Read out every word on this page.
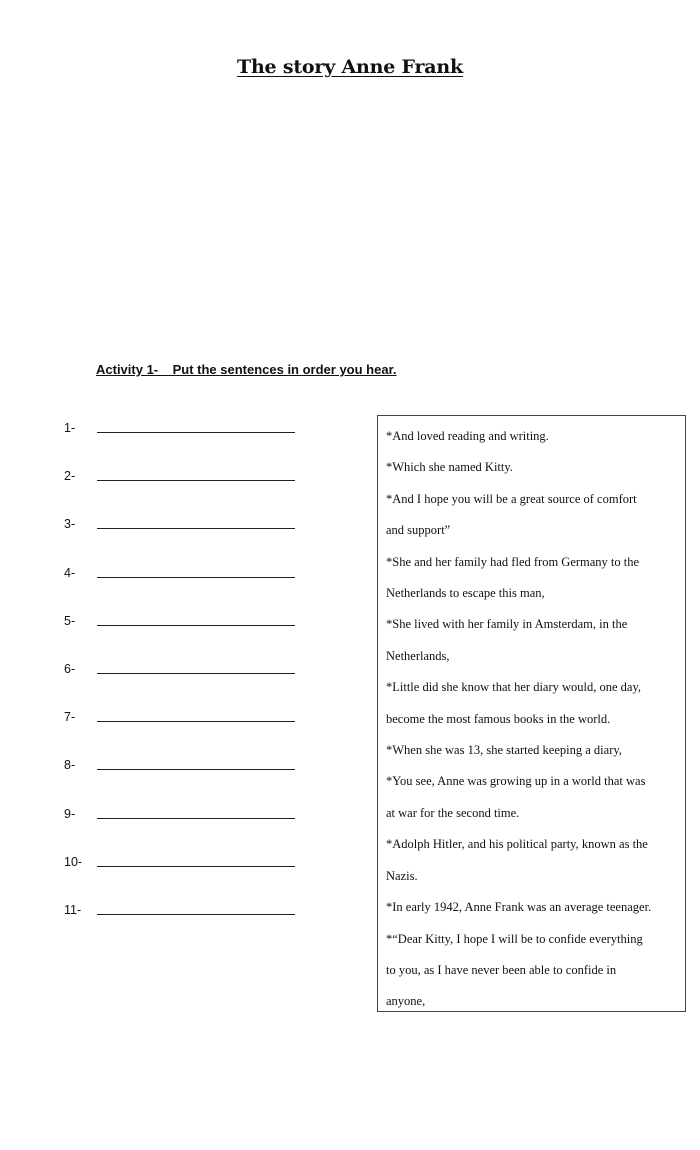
The story Anne Frank
Activity 1-    Put the sentences in order you hear.
1-
2-
3-
4-
5-
6-
7-
8-
9-
10-
11-

*And loved reading and writing.

*Which she named Kitty.

*And I hope you will be a great source of comfort

and support”

*She and her family had fled from Germany to the

Netherlands to escape this man,

*She lived with her family in Amsterdam, in the

Netherlands,

*Little did she know that her diary would, one day,

become the most famous books in the world.

*When she was 13, she started keeping a diary,

*You see, Anne was growing up in a world that was

at war for the second time.

*Adolph Hitler, and his political party, known as the

Nazis.

*In early 1942, Anne Frank was an average teenager.

*“Dear Kitty, I hope I will be to confide everything

to you, as I have never been able to confide in

anyone,
